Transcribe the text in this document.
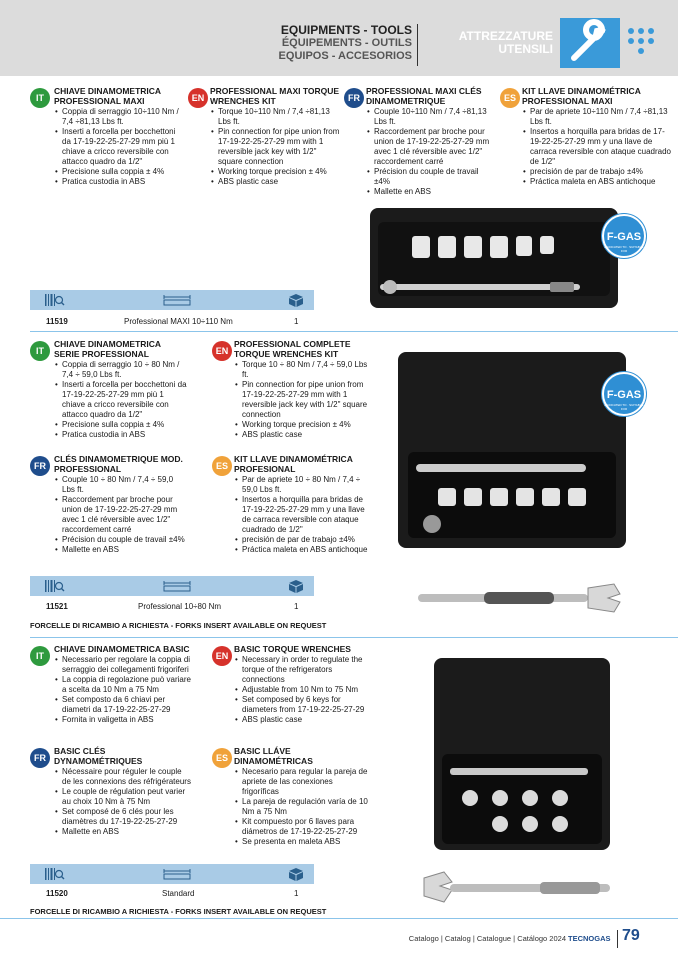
EQUIPMENTS - TOOLS
ÉQUIPEMENTS - OUTILS
EQUIPOS - ACCESORIOS
ATTREZZATURE
UTENSILI
IT
CHIAVE DINAMOMETRICA PROFESSIONAL MAXI
• Coppia di serraggio 10÷110 Nm / 7,4 ÷81,13 Lbs ft.
• Inserti a forcella per bocchettoni da 17-19-22-25-27-29 mm più 1 chiave a cricco reversibile con attacco quadro da 1/2"
• Precisione sulla coppia ± 4%
• Pratica custodia in ABS
EN
PROFESSIONAL MAXI TORQUE WRENCHES KIT
• Torque 10÷110 Nm / 7,4 ÷81,13 Lbs ft.
• Pin connection for pipe union from 17-19-22-25-27-29 mm with 1 reversible jack key with 1/2" square connection
• Working torque precision ± 4%
• ABS plastic case
FR
PROFESSIONAL MAXI CLÉS DINAMOMETRIQUE
• Couple 10÷110 Nm / 7,4 ÷81,13 Lbs ft.
• Raccordement par broche pour union de 17-19-22-25-27-29 mm avec 1 clé réversible avec 1/2" raccordement carré
• Précision du couple de travail ±4%
• Mallette en ABS
ES
KIT LLAVE DINAMOMÉTRICA PROFESSIONAL MAXI
• Par de apriete 10÷110 Nm / 7,4 ÷81,13 Lbs ft.
• Insertos a horquilla para bridas de 17-19-22-25-27-29 mm y una llave de carraca reversible con ataque cuadrado de 1/2"
• precisión de par de trabajo ±4%
• Práctica maleta en ABS antichoque
F-GAS
DEDICATED TO · SUITABLE FOR
11519	Professional MAXI 10÷110 Nm	1
IT
CHIAVE DINAMOMETRICA SERIE PROFESSIONAL
• Coppia di serraggio 10 ÷ 80 Nm / 7,4 ÷ 59,0 Lbs ft.
• Inserti a forcella per bocchettoni da 17-19-22-25-27-29 mm più 1 chiave a cricco reversibile con attacco quadro da 1/2"
• Precisione sulla coppia ± 4%
• Pratica custodia in ABS
EN
PROFESSIONAL COMPLETE TORQUE WRENCHES KIT
• Torque 10 ÷ 80 Nm / 7,4 ÷ 59,0 Lbs ft.
• Pin connection for pipe union from 17-19-22-25-27-29 mm with 1 reversible jack key with 1/2" square connection
• Working torque precision ± 4%
• ABS plastic case
FR
CLÉS DINAMOMETRIQUE MOD. PROFESSIONAL
• Couple 10 ÷ 80 Nm / 7,4 ÷ 59,0 Lbs ft.
• Raccordement par broche pour union de 17-19-22-25-27-29 mm avec 1 clé réversible avec 1/2" raccordement carré
• Précision du couple de travail ±4%
• Mallette en ABS
ES
KIT LLAVE DINAMOMÉTRICA PROFESIONAL
• Par de apriete 10 ÷ 80 Nm / 7,4 ÷ 59,0 Lbs ft.
• Insertos a horquilla para bridas de 17-19-22-25-27-29 mm y una llave de carraca reversible con ataque cuadrado de 1/2"
• precisión de par de trabajo ±4%
• Práctica maleta en ABS antichoque
F-GAS
DEDICATED TO · SUITABLE FOR
11521	Professional 10÷80 Nm	1
FORCELLE DI RICAMBIO A RICHIESTA - FORKS INSERT AVAILABLE ON REQUEST
IT
CHIAVE DINAMOMETRICA BASIC
• Necessario per regolare la coppia di serraggio dei collegamenti frigoriferi
• La coppia di regolazione può variare a scelta da 10 Nm a 75 Nm
• Set composto da 6 chiavi per diametri da 17-19-22-25-27-29
• Fornita in valigetta in ABS
EN
BASIC TORQUE WRENCHES
• Necessary in order to regulate the torque of the refrigerators connections
• Adjustable from 10 Nm to 75 Nm
• Set composed by 6 keys for diameters from 17-19-22-25-27-29
• ABS plastic case
FR
BASIC CLÉS DYNAMOMÉTRIQUES
• Nécessaire pour réguler le couple de les connexions des réfrigérateurs
• Le couple de régulation peut varier au choix 10 Nm à 75 Nm
• Set composé de 6 clés pour les diamètres du 17-19-22-25-27-29
• Mallette en ABS
ES
BASIC LLÁVE DINAMOMÉTRICAS
• Necesario para regular la pareja de apriete de las conexiones frigoríficas
• La pareja de regulación varía de 10 Nm a 75 Nm
• Kit compuesto por 6 llaves para diámetros de 17-19-22-25-27-29
• Se presenta en maleta ABS
11520	Standard	1
FORCELLE DI RICAMBIO A RICHIESTA - FORKS INSERT AVAILABLE ON REQUEST
Catalogo | Catalog | Catalogue | Catálogo 2024 TECNOGAS 79
